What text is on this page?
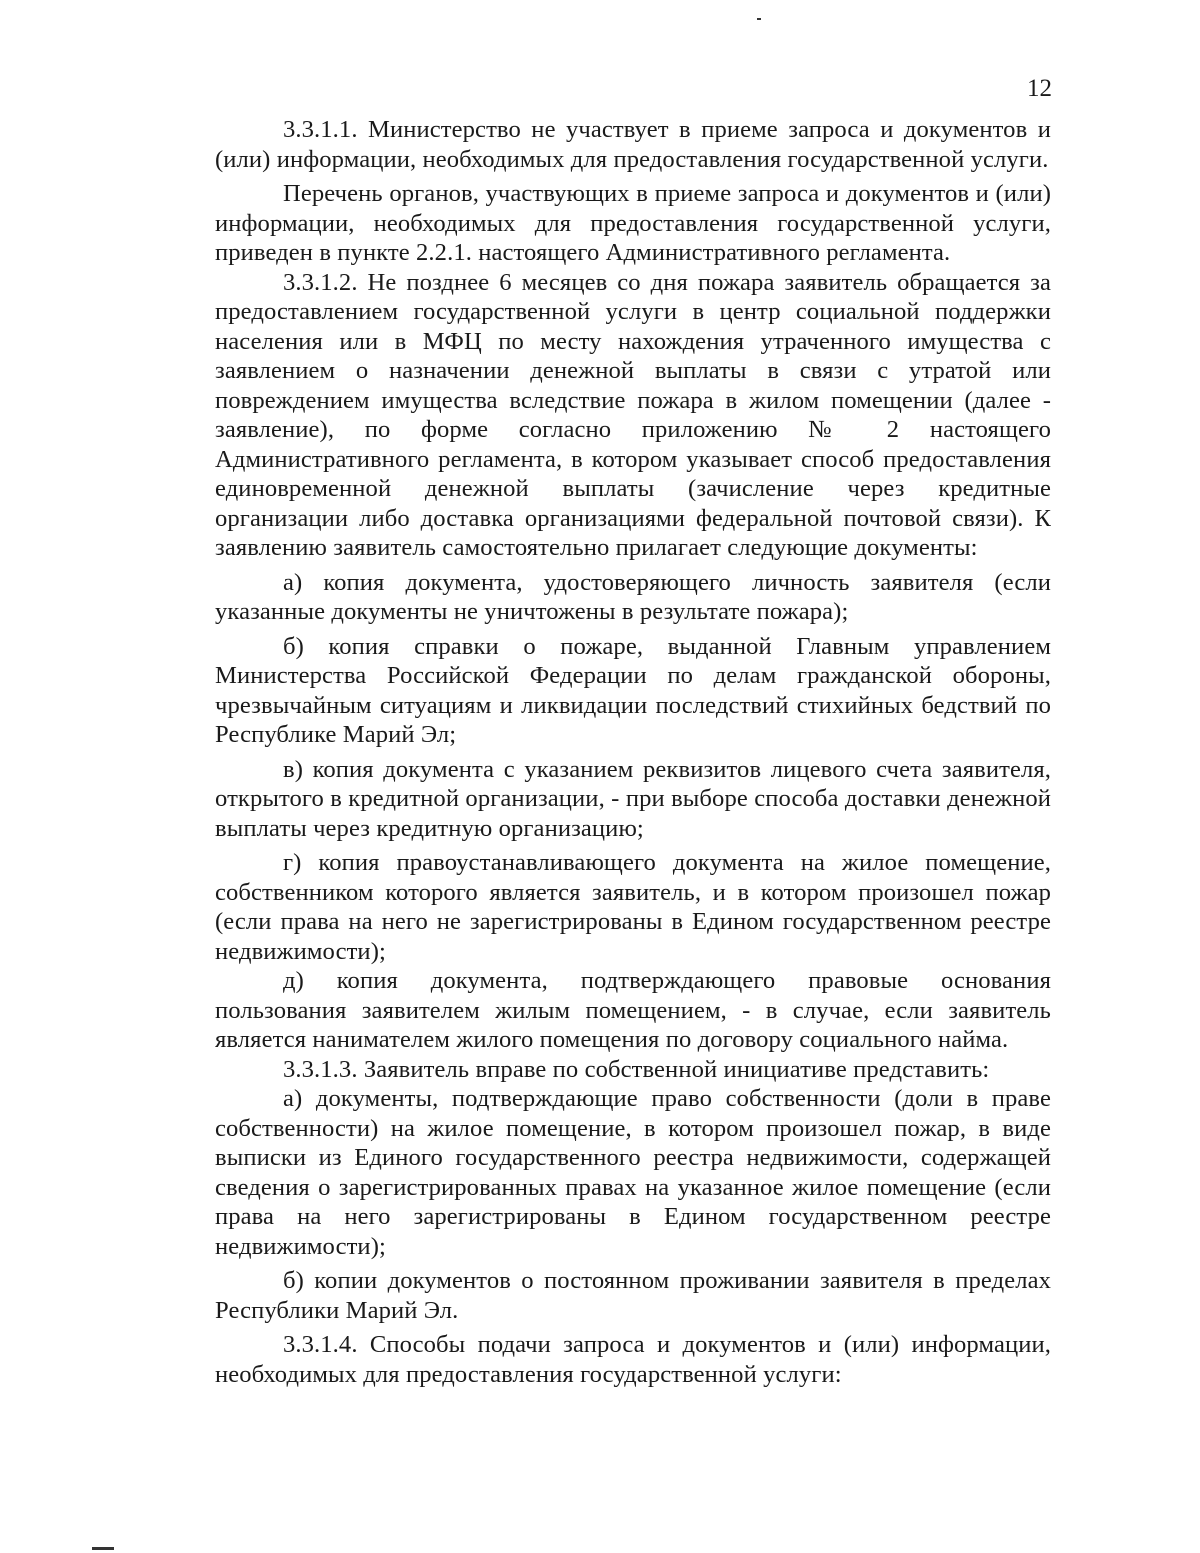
12

3.3.1.1. Министерство не участвует в приеме запроса и документов и (или) информации, необходимых для предоставления государственной услуги.

Перечень органов, участвующих в приеме запроса и документов и (или) информации, необходимых для предоставления государственной услуги, приведен в пункте 2.2.1. настоящего Административного регламента.

3.3.1.2. Не позднее 6 месяцев со дня пожара заявитель обращается за предоставлением государственной услуги в центр социальной поддержки населения или в МФЦ по месту нахождения утраченного имущества с заявлением о назначении денежной выплаты в связи с утратой или повреждением имущества вследствие пожара в жилом помещении (далее - заявление), по форме согласно приложению № 2 настоящего Административного регламента, в котором указывает способ предоставления единовременной денежной выплаты (зачисление через кредитные организации либо доставка организациями федеральной почтовой связи). К заявлению заявитель самостоятельно прилагает следующие документы:

а) копия документа, удостоверяющего личность заявителя (если указанные документы не уничтожены в результате пожара);

б) копия справки о пожаре, выданной Главным управлением Министерства Российской Федерации по делам гражданской обороны, чрезвычайным ситуациям и ликвидации последствий стихийных бедствий по Республике Марий Эл;

в) копия документа с указанием реквизитов лицевого счета заявителя, открытого в кредитной организации, - при выборе способа доставки денежной выплаты через кредитную организацию;

г) копия правоустанавливающего документа на жилое помещение, собственником которого является заявитель, и в котором произошел пожар (если права на него не зарегистрированы в Едином государственном реестре недвижимости);

д) копия документа, подтверждающего правовые основания пользования заявителем жилым помещением, - в случае, если заявитель является нанимателем жилого помещения по договору социального найма.

3.3.1.3. Заявитель вправе по собственной инициативе представить:

а) документы, подтверждающие право собственности (доли в праве собственности) на жилое помещение, в котором произошел пожар, в виде выписки из Единого государственного реестра недвижимости, содержащей сведения о зарегистрированных правах на указанное жилое помещение (если права на него зарегистрированы в Едином государственном реестре недвижимости);

б) копии документов о постоянном проживании заявителя в пределах Республики Марий Эл.

3.3.1.4. Способы подачи запроса и документов и (или) информации, необходимых для предоставления государственной услуги:
